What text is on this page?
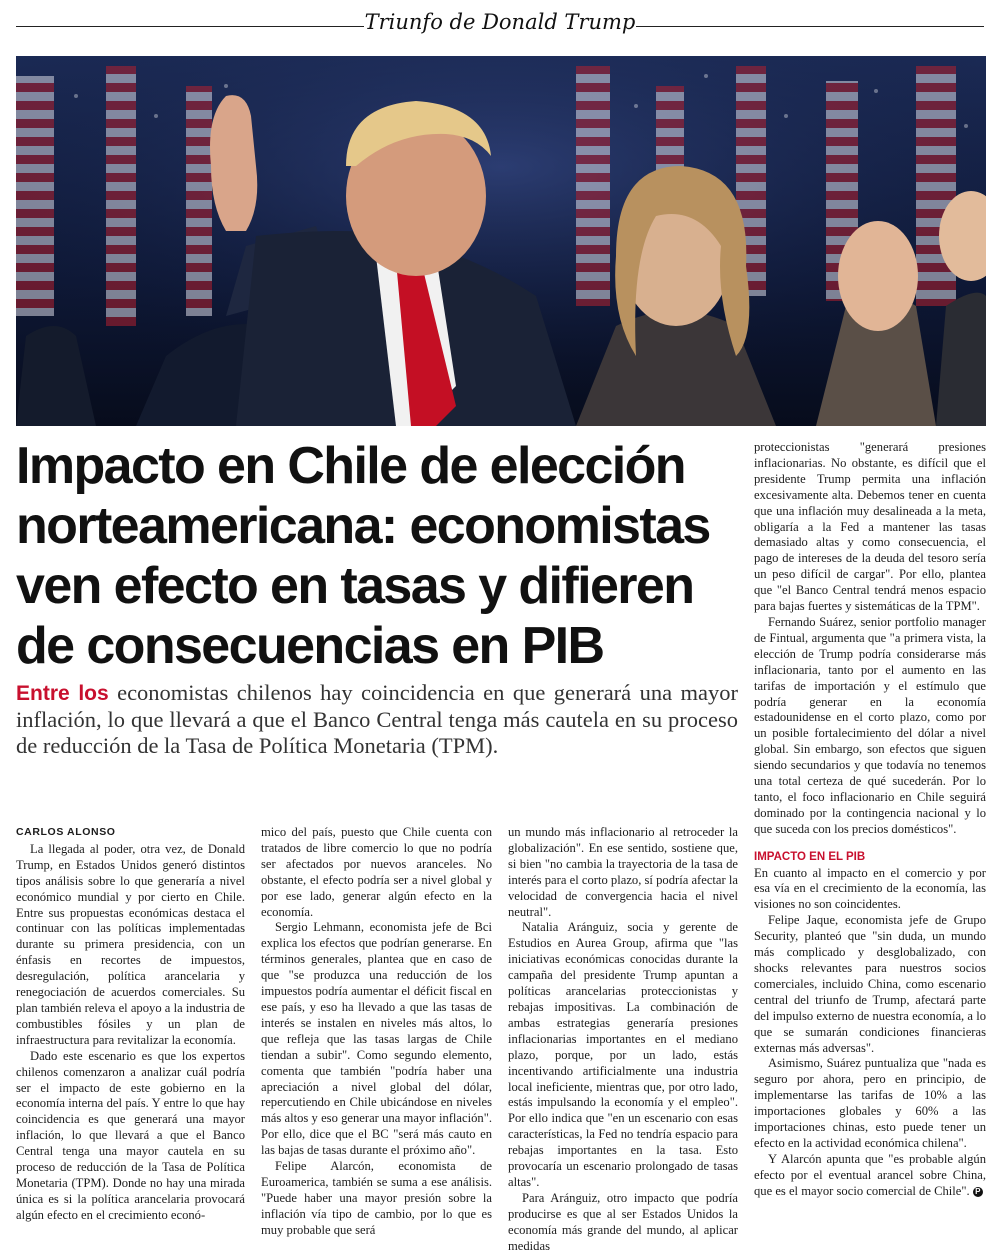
Triunfo de Donald Trump
Impacto en Chile de elección norteamericana: economistas ven efecto en tasas y difieren de consecuencias en PIB

Entre los economistas chilenos hay coincidencia en que generará una mayor inflación, lo que llevará a que el Banco Central tenga más cautela en su proceso de reducción de la Tasa de Política Monetaria (TPM).

CARLOS ALONSO

La llegada al poder, otra vez, de Donald Trump, en Estados Unidos generó distintos tipos análisis sobre lo que generaría a nivel económico mundial y por cierto en Chile. Entre sus propuestas económicas destaca el continuar con las políticas implementadas durante su primera presidencia, con un énfasis en recortes de impuestos, desregulación, política arancelaria y renegociación de acuerdos comerciales. Su plan también releva el apoyo a la industria de combustibles fósiles y un plan de infraestructura para revitalizar la economía.

Dado este escenario es que los expertos chilenos comenzaron a analizar cuál podría ser el impacto de este gobierno en la economía interna del país. Y entre lo que hay coincidencia es que generará una mayor inflación, lo que llevará a que el Banco Central tenga una mayor cautela en su proceso de reducción de la Tasa de Política Monetaria (TPM). Donde no hay una mirada única es si la política arancelaria provocará algún efecto en el crecimiento econó-

mico del país, puesto que Chile cuenta con tratados de libre comercio lo que no podría ser afectados por nuevos aranceles. No obstante, el efecto podría ser a nivel global y por ese lado, generar algún efecto en la economía.

Sergio Lehmann, economista jefe de Bci explica los efectos que podrían generarse. En términos generales, plantea que en caso de que "se produzca una reducción de los impuestos podría aumentar el déficit fiscal en ese país, y eso ha llevado a que las tasas de interés se instalen en niveles más altos, lo que refleja que las tasas largas de Chile tiendan a subir". Como segundo elemento, comenta que también "podría haber una apreciación a nivel global del dólar, repercutiendo en Chile ubicándose en niveles más altos y eso generar una mayor inflación". Por ello, dice que el BC "será más cauto en las bajas de tasas durante el próximo año".

Felipe Alarcón, economista de Euroamerica, también se suma a ese análisis. "Puede haber una mayor presión sobre la inflación vía tipo de cambio, por lo que es muy probable que será

un mundo más inflacionario al retroceder la globalización". En ese sentido, sostiene que, si bien "no cambia la trayectoria de la tasa de interés para el corto plazo, sí podría afectar la velocidad de convergencia hacia el nivel neutral".

Natalia Aránguiz, socia y gerente de Estudios en Aurea Group, afirma que "las iniciativas económicas conocidas durante la campaña del presidente Trump apuntan a políticas arancelarias proteccionistas y rebajas impositivas. La combinación de ambas estrategias generaría presiones inflacionarias importantes en el mediano plazo, porque, por un lado, estás incentivando artificialmente una industria local ineficiente, mientras que, por otro lado, estás impulsando la economía y el empleo". Por ello indica que "en un escenario con esas características, la Fed no tendría espacio para rebajas importantes en la tasa. Esto provocaría un escenario prolongado de tasas altas".

Para Aránguiz, otro impacto que podría producirse es que al ser Estados Unidos la economía más grande del mundo, al aplicar medidas

proteccionistas "generará presiones inflacionarias. No obstante, es difícil que el presidente Trump permita una inflación excesivamente alta. Debemos tener en cuenta que una inflación muy desalineada a la meta, obligaría a la Fed a mantener las tasas demasiado altas y como consecuencia, el pago de intereses de la deuda del tesoro sería un peso difícil de cargar". Por ello, plantea que "el Banco Central tendrá menos espacio para bajas fuertes y sistemáticas de la TPM".

Fernando Suárez, senior portfolio manager de Fintual, argumenta que "a primera vista, la elección de Trump podría considerarse más inflacionaria, tanto por el aumento en las tarifas de importación y el estímulo que podría generar en la economía estadounidense en el corto plazo, como por un posible fortalecimiento del dólar a nivel global. Sin embargo, son efectos que siguen siendo secundarios y que todavía no tenemos una total certeza de qué sucederán. Por lo tanto, el foco inflacionario en Chile seguirá dominado por la contingencia nacional y lo que suceda con los precios domésticos".

IMPACTO EN EL PIB

En cuanto al impacto en el comercio y por esa vía en el crecimiento de la economía, las visiones no son coincidentes.

Felipe Jaque, economista jefe de Grupo Security, planteó que "sin duda, un mundo más complicado y desglobalizado, con shocks relevantes para nuestros socios comerciales, incluido China, como escenario central del triunfo de Trump, afectará parte del impulso externo de nuestra economía, a lo que se sumarán condiciones financieras externas más adversas".

Asimismo, Suárez puntualiza que "nada es seguro por ahora, pero en principio, de implementarse las tarifas de 10% a las importaciones globales y 60% a las importaciones chinas, esto puede tener un efecto en la actividad económica chilena".

Y Alarcón apunta que "es probable algún efecto por el eventual arancel sobre China, que es el mayor socio comercial de Chile". P
